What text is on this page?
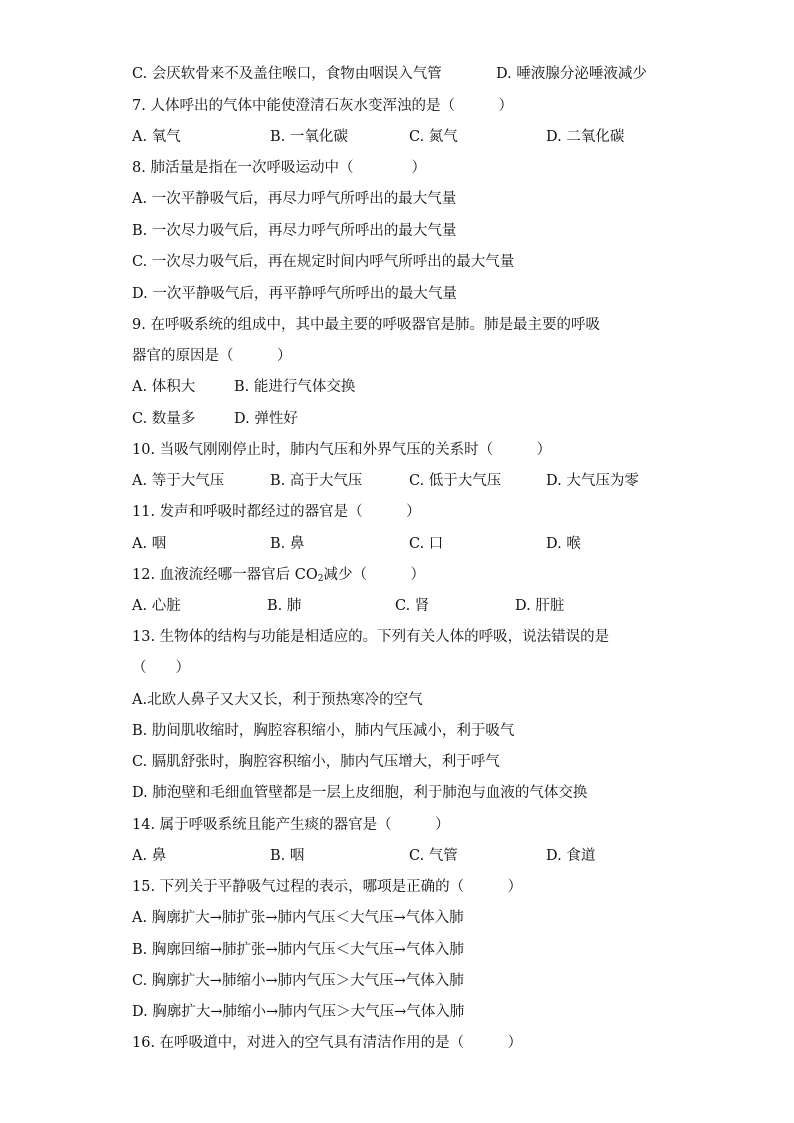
C. 会厌软骨来不及盖住喉口，食物由咽误入气管	D. 唾液腺分泌唾液减少
7. 人体呼出的气体中能使澄清石灰水变浑浊的是（　　　）
A. 氧气	B. 一氧化碳	C. 氮气	D. 二氧化碳
8. 肺活量是指在一次呼吸运动中（　　　　）
A. 一次平静吸气后，再尽力呼气所呼出的最大气量
B. 一次尽力吸气后，再尽力呼气所呼出的最大气量
C. 一次尽力吸气后，再在规定时间内呼气所呼出的最大气量
D. 一次平静吸气后，再平静呼气所呼出的最大气量
9. 在呼吸系统的组成中，其中最主要的呼吸器官是肺。肺是最主要的呼吸
器官的原因是（　　　）
A. 体积大	B. 能进行气体交换
C. 数量多	D. 弹性好
10. 当吸气刚刚停止时，肺内气压和外界气压的关系时（　　　）
A. 等于大气压	B. 高于大气压	C. 低于大气压	D. 大气压为零
11. 发声和呼吸时都经过的器官是（　　　）
A. 咽	B. 鼻	C. 口	D. 喉
12. 血液流经哪一器官后 $CO_2$减少（　　　）
A. 心脏	B. 肺	C. 肾	D. 肝脏
13. 生物体的结构与功能是相适应的。下列有关人体的呼吸，说法错误的是
（　　）
A.北欧人鼻子又大又长，利于预热寒冷的空气
B. 肋间肌收缩时，胸腔容积缩小，肺内气压减小，利于吸气
C. 膈肌舒张时，胸腔容积缩小，肺内气压增大，利于呼气
D. 肺泡壁和毛细血管壁都是一层上皮细胞，利于肺泡与血液的气体交换
14. 属于呼吸系统且能产生痰的器官是（　　　）
A. 鼻	B. 咽	C. 气管	D. 食道
15. 下列关于平静吸气过程的表示，哪项是正确的（　　　）
A. 胸廓扩大→肺扩张→肺内气压＜大气压→气体入肺
B. 胸廓回缩→肺扩张→肺内气压＜大气压→气体入肺
C. 胸廓扩大→肺缩小→肺内气压＞大气压→气体入肺
D. 胸廓扩大→肺缩小→肺内气压＞大气压→气体入肺
16. 在呼吸道中，对进入的空气具有清洁作用的是（　　　）
